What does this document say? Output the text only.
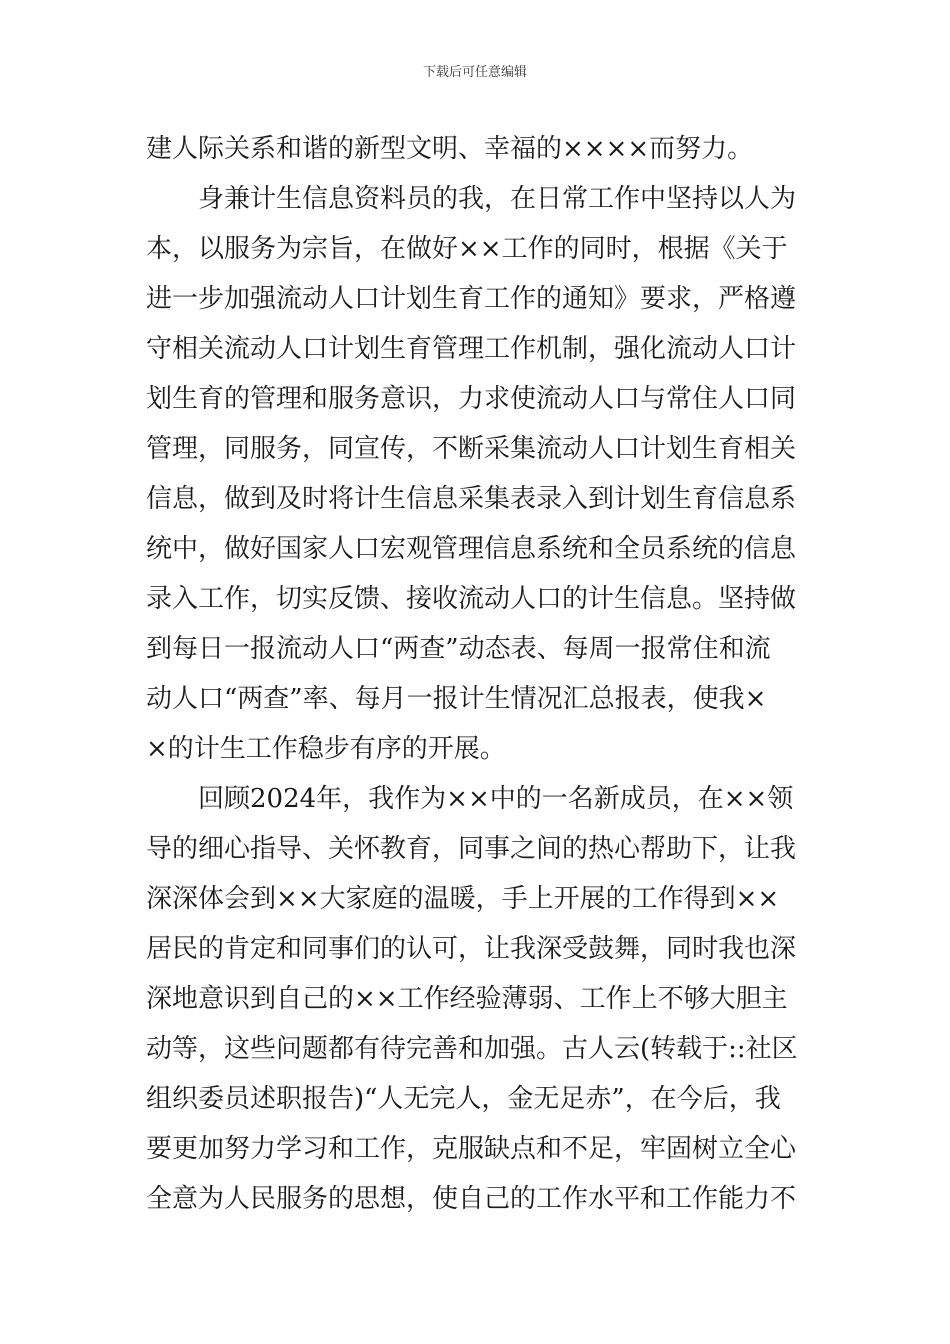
下载后可任意编辑
建人际关系和谐的新型文明、幸福的××××而努力。
　　身兼计生信息资料员的我，在日常工作中坚持以人为
本，以服务为宗旨，在做好××工作的同时，根据《关于
进一步加强流动人口计划生育工作的通知》要求，严格遵
守相关流动人口计划生育管理工作机制，强化流动人口计
划生育的管理和服务意识，力求使流动人口与常住人口同
管理，同服务，同宣传，不断采集流动人口计划生育相关
信息，做到及时将计生信息采集表录入到计划生育信息系
统中，做好国家人口宏观管理信息系统和全员系统的信息
录入工作，切实反馈、接收流动人口的计生信息。坚持做
到每日一报流动人口“两查”动态表、每周一报常住和流
动人口“两查”率、每月一报计生情况汇总报表，使我×
×的计生工作稳步有序的开展。
　　回顾2024年，我作为××中的一名新成员，在××领
导的细心指导、关怀教育，同事之间的热心帮助下，让我
深深体会到××大家庭的温暖，手上开展的工作得到××
居民的肯定和同事们的认可，让我深受鼓舞，同时我也深
深地意识到自己的××工作经验薄弱、工作上不够大胆主
动等，这些问题都有待完善和加强。古人云(转载于::社区
组织委员述职报告)“人无完人，金无足赤”，在今后，我
要更加努力学习和工作，克服缺点和不足，牢固树立全心
全意为人民服务的思想，使自己的工作水平和工作能力不
